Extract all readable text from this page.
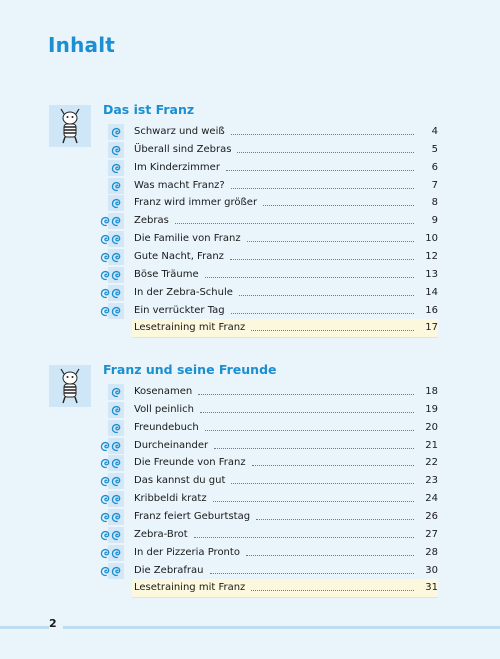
Inhalt
Das ist Franz
Schwarz und weiß	4
Überall sind Zebras	5
Im Kinderzimmer	6
Was macht Franz?	7
Franz wird immer größer	8
Zebras	9
Die Familie von Franz	10
Gute Nacht, Franz	12
Böse Träume	13
In der Zebra-Schule	14
Ein verrückter Tag	16
Lesetraining mit Franz	17
Franz und seine Freunde
Kosenamen	18
Voll peinlich	19
Freundebuch	20
Durcheinander	21
Die Freunde von Franz	22
Das kannst du gut	23
Kribbeldi kratz	24
Franz feiert Geburtstag	26
Zebra-Brot	27
In der Pizzeria Pronto	28
Die Zebrafrau	30
Lesetraining mit Franz	31
2
